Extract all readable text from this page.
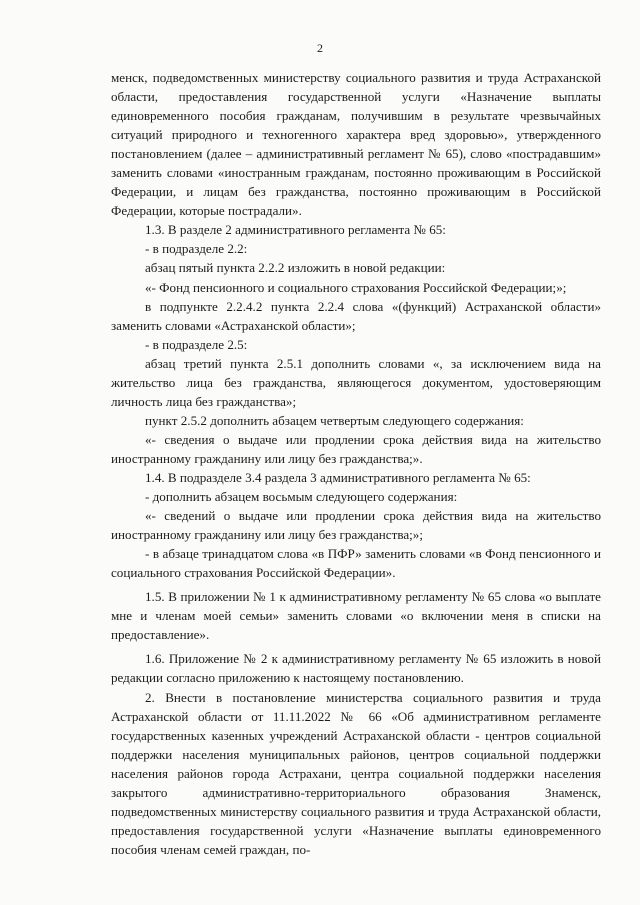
2

менск, подведомственных министерству социального развития и труда Астраханской области, предоставления государственной услуги «Назначение выплаты единовременного пособия гражданам, получившим в результате чрезвычайных ситуаций природного и техногенного характера вред здоровью», утвержденного постановлением (далее – административный регламент № 65), слово «пострадавшим» заменить словами «иностранным гражданам, постоянно проживающим в Российской Федерации, и лицам без гражданства, постоянно проживающим в Российской Федерации, которые пострадали».

1.3. В разделе 2 административного регламента № 65:

- в подразделе 2.2:

абзац пятый пункта 2.2.2 изложить в новой редакции:

«- Фонд пенсионного и социального страхования Российской Федерации;»;

в подпункте 2.2.4.2 пункта 2.2.4 слова «(функций) Астраханской области» заменить словами «Астраханской области»;

- в подразделе 2.5:

абзац третий пункта 2.5.1 дополнить словами «, за исключением вида на жительство лица без гражданства, являющегося документом, удостоверяющим личность лица без гражданства»;

пункт 2.5.2 дополнить абзацем четвертым следующего содержания:

«- сведения о выдаче или продлении срока действия вида на жительство иностранному гражданину или лицу без гражданства;».

1.4. В подразделе 3.4 раздела 3 административного регламента № 65:

- дополнить абзацем восьмым следующего содержания:

«- сведений о выдаче или продлении срока действия вида на жительство иностранному гражданину или лицу без гражданства;»;

- в абзаце тринадцатом слова «в ПФР» заменить словами «в Фонд пенсионного и социального страхования Российской Федерации».

1.5. В приложении № 1 к административному регламенту № 65 слова «о выплате мне и членам моей семьи» заменить словами «о включении меня в списки на предоставление».

1.6. Приложение № 2 к административному регламенту № 65 изложить в новой редакции согласно приложению к настоящему постановлению.

2. Внести в постановление министерства социального развития и труда Астраханской области от 11.11.2022 № 66 «Об административном регламенте государственных казенных учреждений Астраханской области - центров социальной поддержки населения муниципальных районов, центров социальной поддержки населения районов города Астрахани, центра социальной поддержки населения закрытого административно-территориального образования Знаменск, подведомственных министерству социального развития и труда Астраханской области, предоставления государственной услуги «Назначение выплаты единовременного пособия членам семей граждан, по-
